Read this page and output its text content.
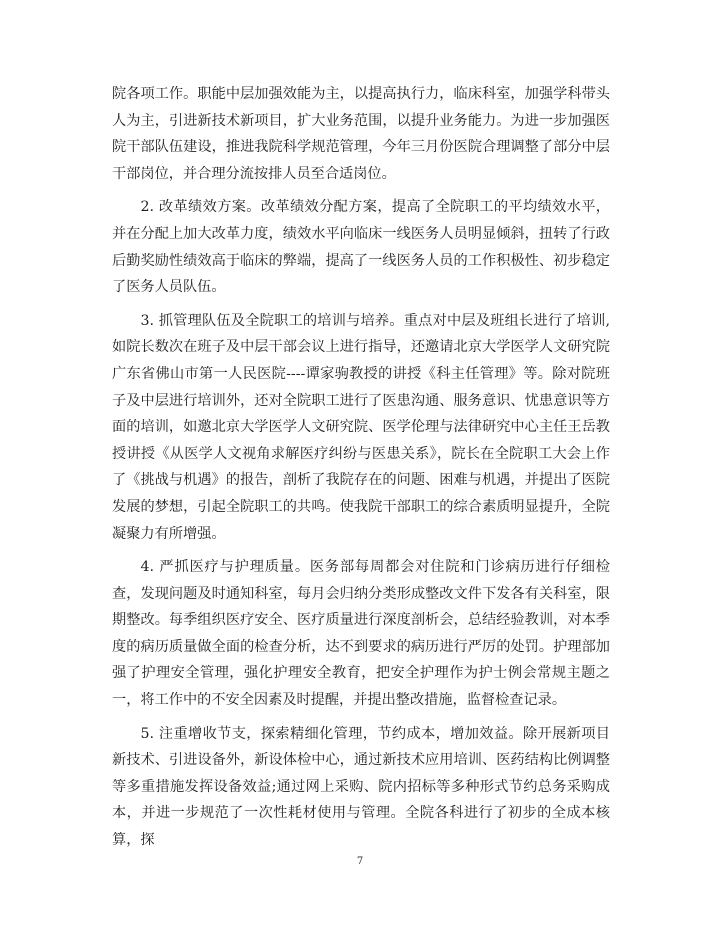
院各项工作。职能中层加强效能为主，以提高执行力，临床科室，加强学科带头人为主，引进新技术新项目，扩大业务范围，以提升业务能力。为进一步加强医院干部队伍建设，推进我院科学规范管理，今年三月份医院合理调整了部分中层干部岗位，并合理分流按排人员至合适岗位。

2. 改革绩效方案。改革绩效分配方案，提高了全院职工的平均绩效水平，并在分配上加大改革力度，绩效水平向临床一线医务人员明显倾斜，扭转了行政后勤奖励性绩效高于临床的弊端，提高了一线医务人员的工作积极性、初步稳定了医务人员队伍。

3. 抓管理队伍及全院职工的培训与培养。重点对中层及班组长进行了培训,如院长数次在班子及中层干部会议上进行指导，还邀请北京大学医学人文研究院广东省佛山市第一人民医院----谭家驹教授的讲授《科主任管理》等。除对院班子及中层进行培训外，还对全院职工进行了医患沟通、服务意识、忧患意识等方面的培训，如邀北京大学医学人文研究院、医学伦理与法律研究中心主任王岳教授讲授《从医学人文视角求解医疗纠纷与医患关系》，院长在全院职工大会上作了《挑战与机遇》的报告，剖析了我院存在的问题、困难与机遇，并提出了医院发展的梦想，引起全院职工的共鸣。使我院干部职工的综合素质明显提升，全院凝聚力有所增强。

4. 严抓医疗与护理质量。医务部每周都会对住院和门诊病历进行仔细检查，发现问题及时通知科室，每月会归纳分类形成整改文件下发各有关科室，限期整改。每季组织医疗安全、医疗质量进行深度剖析会，总结经验教训，对本季度的病历质量做全面的检查分析，达不到要求的病历进行严厉的处罚。护理部加强了护理安全管理，强化护理安全教育，把安全护理作为护士例会常规主题之一，将工作中的不安全因素及时提醒，并提出整改措施，监督检查记录。

5. 注重增收节支，探索精细化管理，节约成本，增加效益。除开展新项目新技术、引进设备外，新设体检中心，通过新技术应用培训、医药结构比例调整等多重措施发挥设备效益;通过网上采购、院内招标等多种形式节约总务采购成本，并进一步规范了一次性耗材使用与管理。全院各科进行了初步的全成本核算，探

7
